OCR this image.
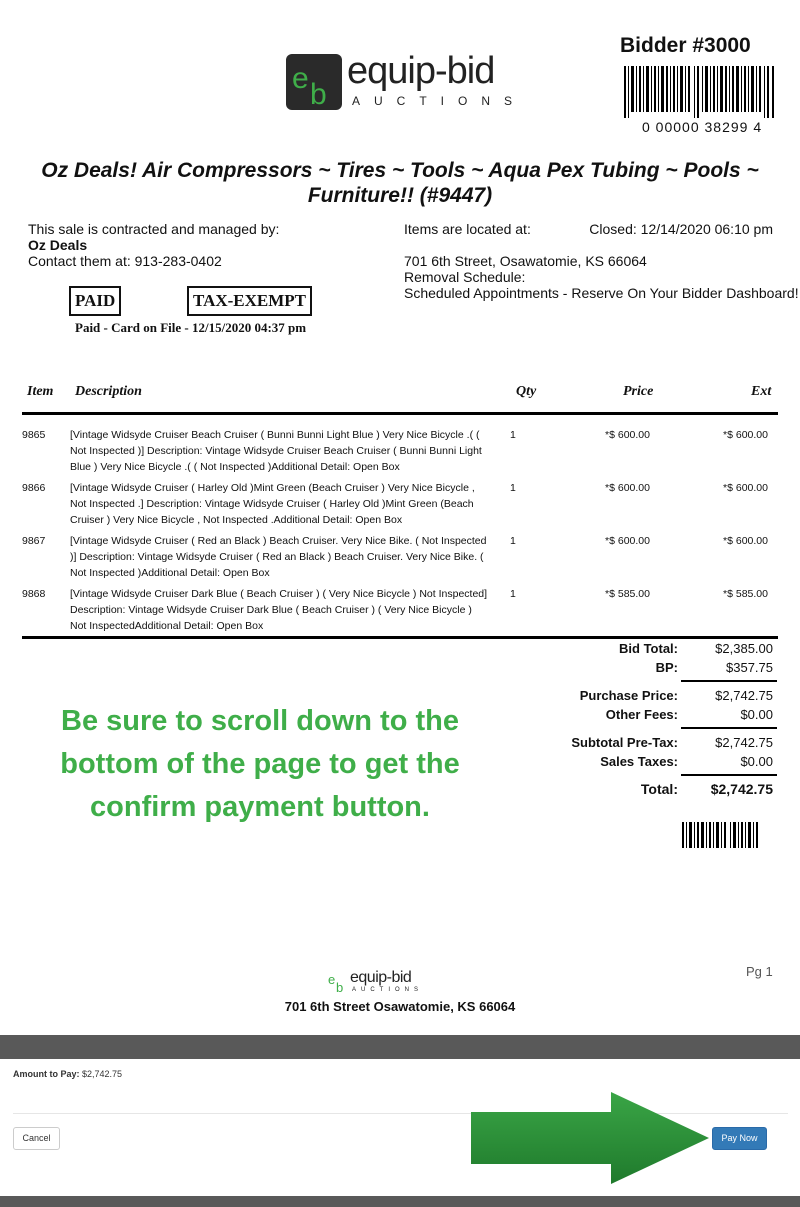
e b
equip-bid
AUCTIONS
Bidder #3000
0 00000 38299 4
Oz Deals! Air Compressors ~ Tires ~ Tools ~ Aqua Pex Tubing ~ Pools ~
Furniture!! (#9447)
This sale is contracted and managed by:
Oz Deals
Contact them at: 913-283-0402
Items are located at:	Closed: 12/14/2020 06:10 pm
701 6th Street, Osawatomie, KS 66064
Removal Schedule:
Scheduled Appointments - Reserve On Your Bidder Dashboard!
PAID	TAX-EXEMPT
Paid - Card on File - 12/15/2020 04:37 pm
Item Description	Qty	Price	Ext
9865 [Vintage Widsyde Cruiser Beach Cruiser ( Bunni Bunni Light Blue ) Very Nice Bicycle .( (
Not Inspected )] Description: Vintage Widsyde Cruiser Beach Cruiser ( Bunni Bunni Light
Blue ) Very Nice Bicycle .( ( Not Inspected )Additional Detail: Open Box
1	*$ 600.00	*$ 600.00
9866 [Vintage Widsyde Cruiser ( Harley Old )Mint Green (Beach Cruiser ) Very Nice Bicycle ,
Not Inspected .] Description: Vintage Widsyde Cruiser ( Harley Old )Mint Green (Beach
Cruiser ) Very Nice Bicycle , Not Inspected .Additional Detail: Open Box
1	*$ 600.00	*$ 600.00
9867 [Vintage Widsyde Cruiser ( Red an Black ) Beach Cruiser. Very Nice Bike. ( Not Inspected
)] Description: Vintage Widsyde Cruiser ( Red an Black ) Beach Cruiser. Very Nice Bike. (
Not Inspected )Additional Detail: Open Box
1	*$ 600.00	*$ 600.00
9868 [Vintage Widsyde Cruiser Dark Blue ( Beach Cruiser ) ( Very Nice Bicycle ) Not Inspected]
Description: Vintage Widsyde Cruiser Dark Blue ( Beach Cruiser ) ( Very Nice Bicycle )
Not InspectedAdditional Detail: Open Box
1	*$ 585.00	*$ 585.00
Bid Total:	$2,385.00
BP:	$357.75
Purchase Price:	$2,742.75
Other Fees:	$0.00
Subtotal Pre-Tax:	$2,742.75
Sales Taxes:	$0.00
Total:	$2,742.75
Be sure to scroll down to the
bottom of the page to get the
confirm payment button.
Pg 1
e
b
equip-bid
AUCTIONS
701 6th Street Osawatomie, KS 66064
Amount to Pay: $2,742.75
Cancel	Pay Now
